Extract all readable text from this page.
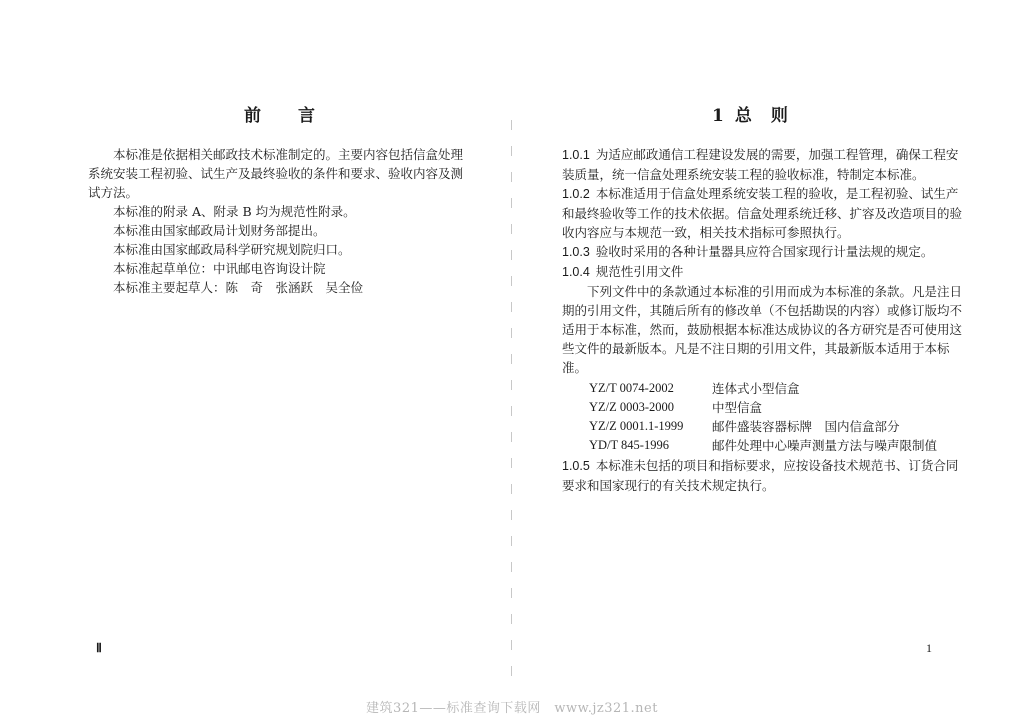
前 言

本标准是依据相关邮政技术标准制定的。主要内容包括信盒处理系统安装工程初验、试生产及最终验收的条件和要求、验收内容及测试方法。

本标准的附录 A、附录 B 均为规范性附录。

本标准由国家邮政局计划财务部提出。

本标准由国家邮政局科学研究规划院归口。

本标准起草单位：中讯邮电咨询设计院

本标准主要起草人：陈　奇　张涵跃　吴全俭

Ⅱ
1 总 则

1.0.1 为适应邮政通信工程建设发展的需要，加强工程管理，确保工程安装质量，统一信盒处理系统安装工程的验收标准，特制定本标准。

1.0.2 本标准适用于信盒处理系统安装工程的验收，是工程初验、试生产和最终验收等工作的技术依据。信盒处理系统迁移、扩容及改造项目的验收内容应与本规范一致，相关技术指标可参照执行。

1.0.3 验收时采用的各种计量器具应符合国家现行计量法规的规定。

1.0.4 规范性引用文件

下列文件中的条款通过本标准的引用而成为本标准的条款。凡是注日期的引用文件，其随后所有的修改单（不包括勘误的内容）或修订版均不适用于本标准，然而，鼓励根据本标准达成协议的各方研究是否可使用这些文件的最新版本。凡是不注日期的引用文件，其最新版本适用于本标准。

YZ/T 0074-2002	连体式小型信盒
YZ/Z 0003-2000	中型信盒
YZ/Z 0001.1-1999	邮件盛装容器标牌　国内信盒部分
YD/T 845-1996	邮件处理中心噪声测量方法与噪声限制值

1.0.5 本标准未包括的项目和指标要求，应按设备技术规范书、订货合同要求和国家现行的有关技术规定执行。

1
建筑321——标准查询下载网　www.jz321.net
